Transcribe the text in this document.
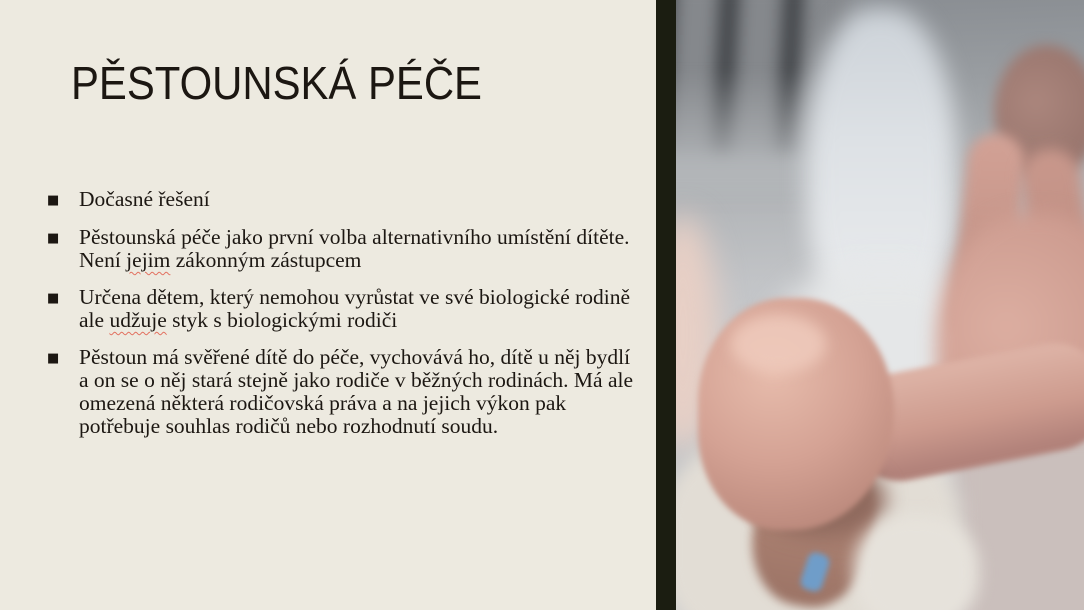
PĚSTOUNSKÁ PÉČE
■ Dočasné řešení
■ Pěstounská péče jako první volba alternativního umístění dítěte.
Není jejim zákonným zástupcem
■ Určena dětem, který nemohou vyrůstat ve své biologické rodině
ale udžuje styk s biologickými rodiči
■ Pěstoun má svěřené dítě do péče, vychovává ho, dítě u něj bydlí
a on se o něj stará stejně jako rodiče v běžných rodinách. Má ale
omezená některá rodičovská práva a na jejich výkon pak
potřebuje souhlas rodičů nebo rozhodnutí soudu.
